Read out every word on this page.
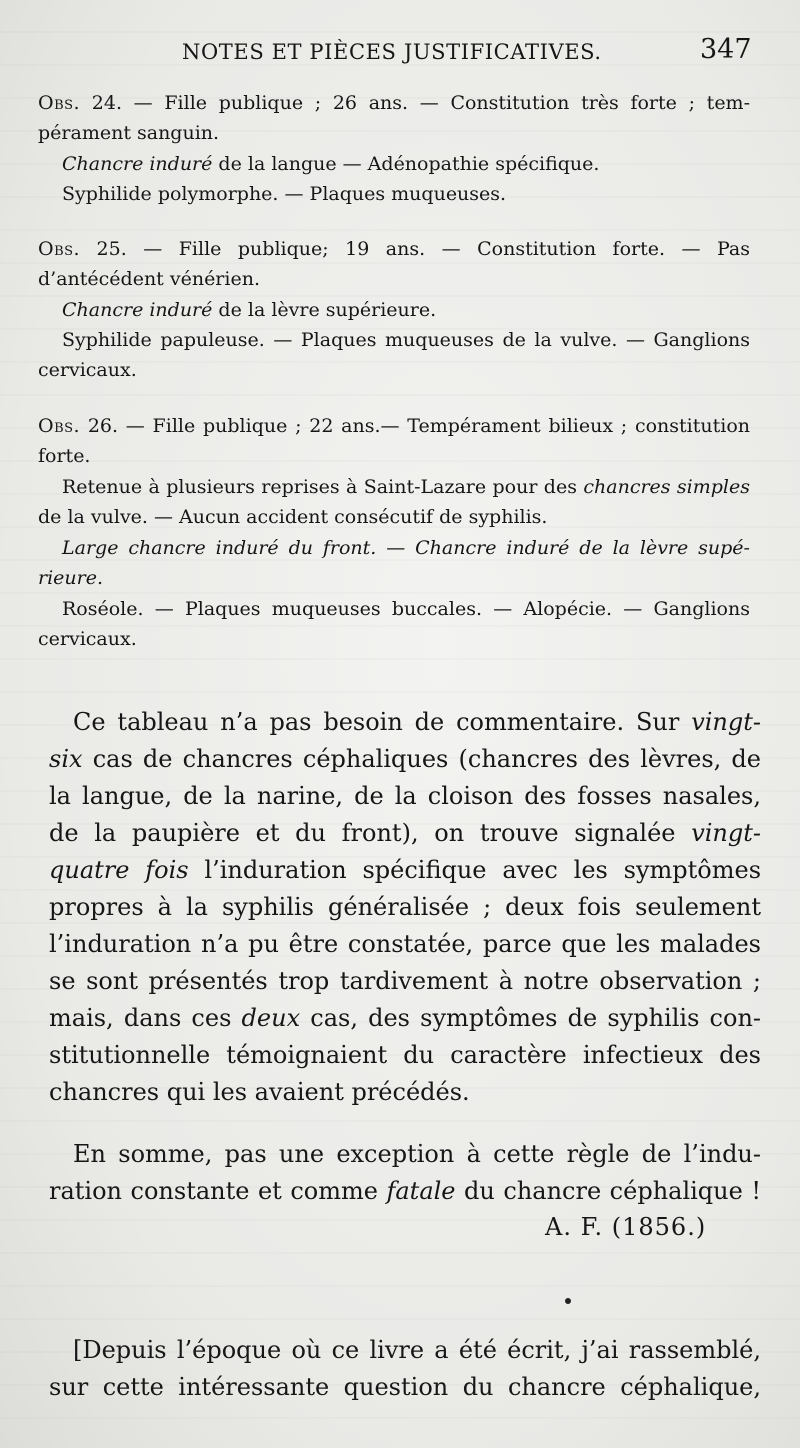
NOTES ET PIÈCES JUSTIFICATIVES.	347
Obs. 24. — Fille publique ; 26 ans. — Constitution très forte ; tem-
pérament sanguin.
Chancre induré de la langue — Adénopathie spécifique.
Syphilide polymorphe. — Plaques muqueuses.
Obs. 25. — Fille publique; 19 ans. — Constitution forte. — Pas
d’antécédent vénérien.
Chancre induré de la lèvre supérieure.
Syphilide papuleuse. — Plaques muqueuses de la vulve. — Ganglions
cervicaux.
Obs. 26. — Fille publique ; 22 ans.— Tempérament bilieux ; constitution
forte.
Retenue à plusieurs reprises à Saint-Lazare pour des chancres simples
de la vulve. — Aucun accident consécutif de syphilis.
Large chancre induré du front. — Chancre induré de la lèvre supé-
rieure.
Roséole. — Plaques muqueuses buccales. — Alopécie. — Ganglions
cervicaux.
Ce tableau n’a pas besoin de commentaire. Sur vingt-
six cas de chancres céphaliques (chancres des lèvres, de
la langue, de la narine, de la cloison des fosses nasales,
de la paupière et du front), on trouve signalée vingt-
quatre fois l’induration spécifique avec les symptômes
propres à la syphilis généralisée ; deux fois seulement
l’induration n’a pu être constatée, parce que les malades
se sont présentés trop tardivement à notre observation ;
mais, dans ces deux cas, des symptômes de syphilis con-
stitutionnelle témoignaient du caractère infectieux des
chancres qui les avaient précédés.
En somme, pas une exception à cette règle de l’indu-
ration constante et comme fatale du chancre céphalique !
A. F. (1856.)
[Depuis l’époque où ce livre a été écrit, j’ai rassemblé,
sur cette intéressante question du chancre céphalique,
